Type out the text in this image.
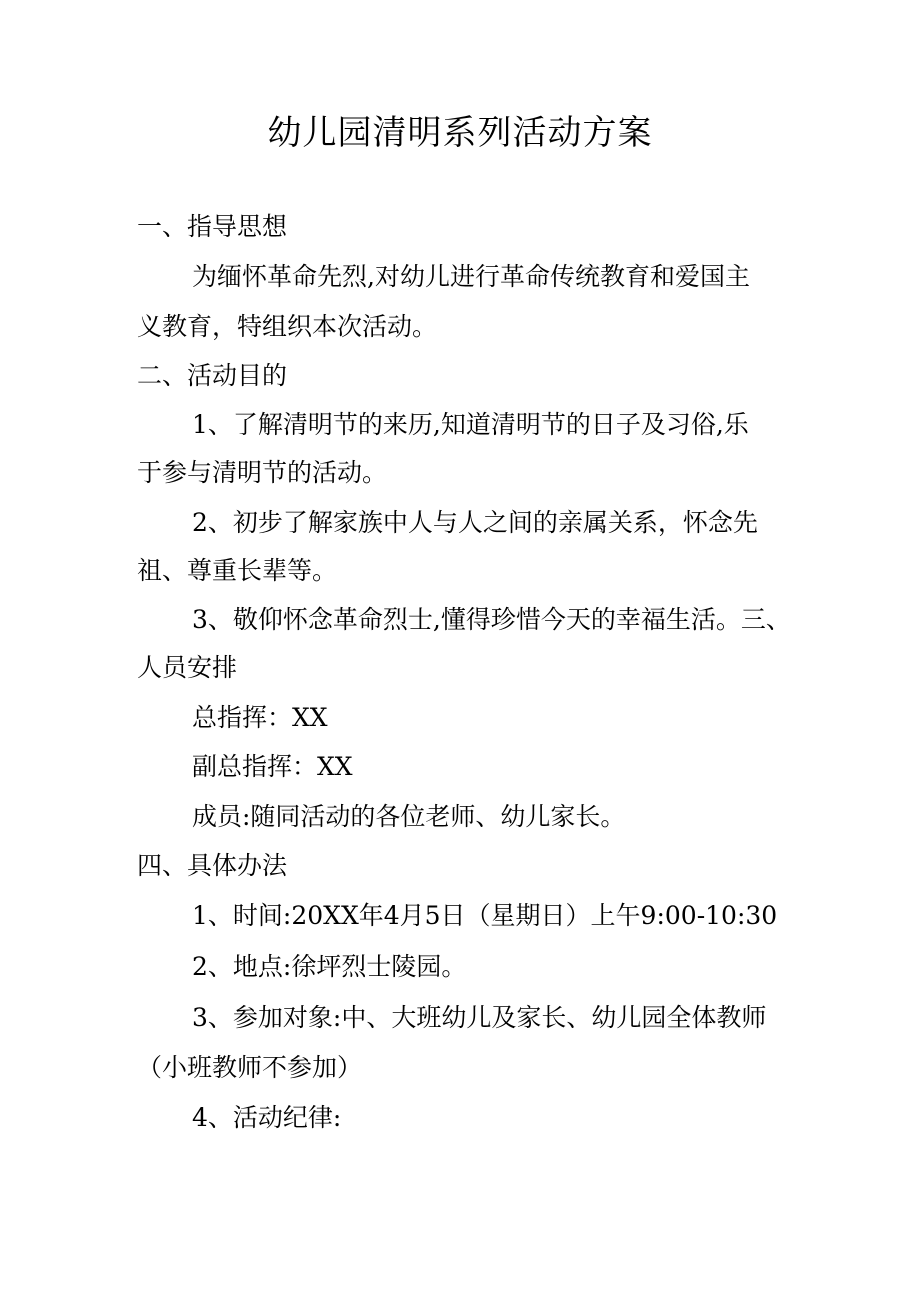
幼儿园清明系列活动方案
一、指导思想
为缅怀革命先烈,对幼儿进行革命传统教育和爱国主
义教育，特组织本次活动。
二、活动目的
1、了解清明节的来历,知道清明节的日子及习俗,乐
于参与清明节的活动。
2、初步了解家族中人与人之间的亲属关系，怀念先
祖、尊重长辈等。
3、敬仰怀念革命烈士,懂得珍惜今天的幸福生活。三、
人员安排
总指挥：XX
副总指挥：XX
成员:随同活动的各位老师、幼儿家长。
四、具体办法
1、时间:20XX年4月5日（星期日）上午9:00-10:30
2、地点:徐坪烈士陵园。
3、参加对象:中、大班幼儿及家长、幼儿园全体教师
（小班教师不参加）
4、活动纪律:
